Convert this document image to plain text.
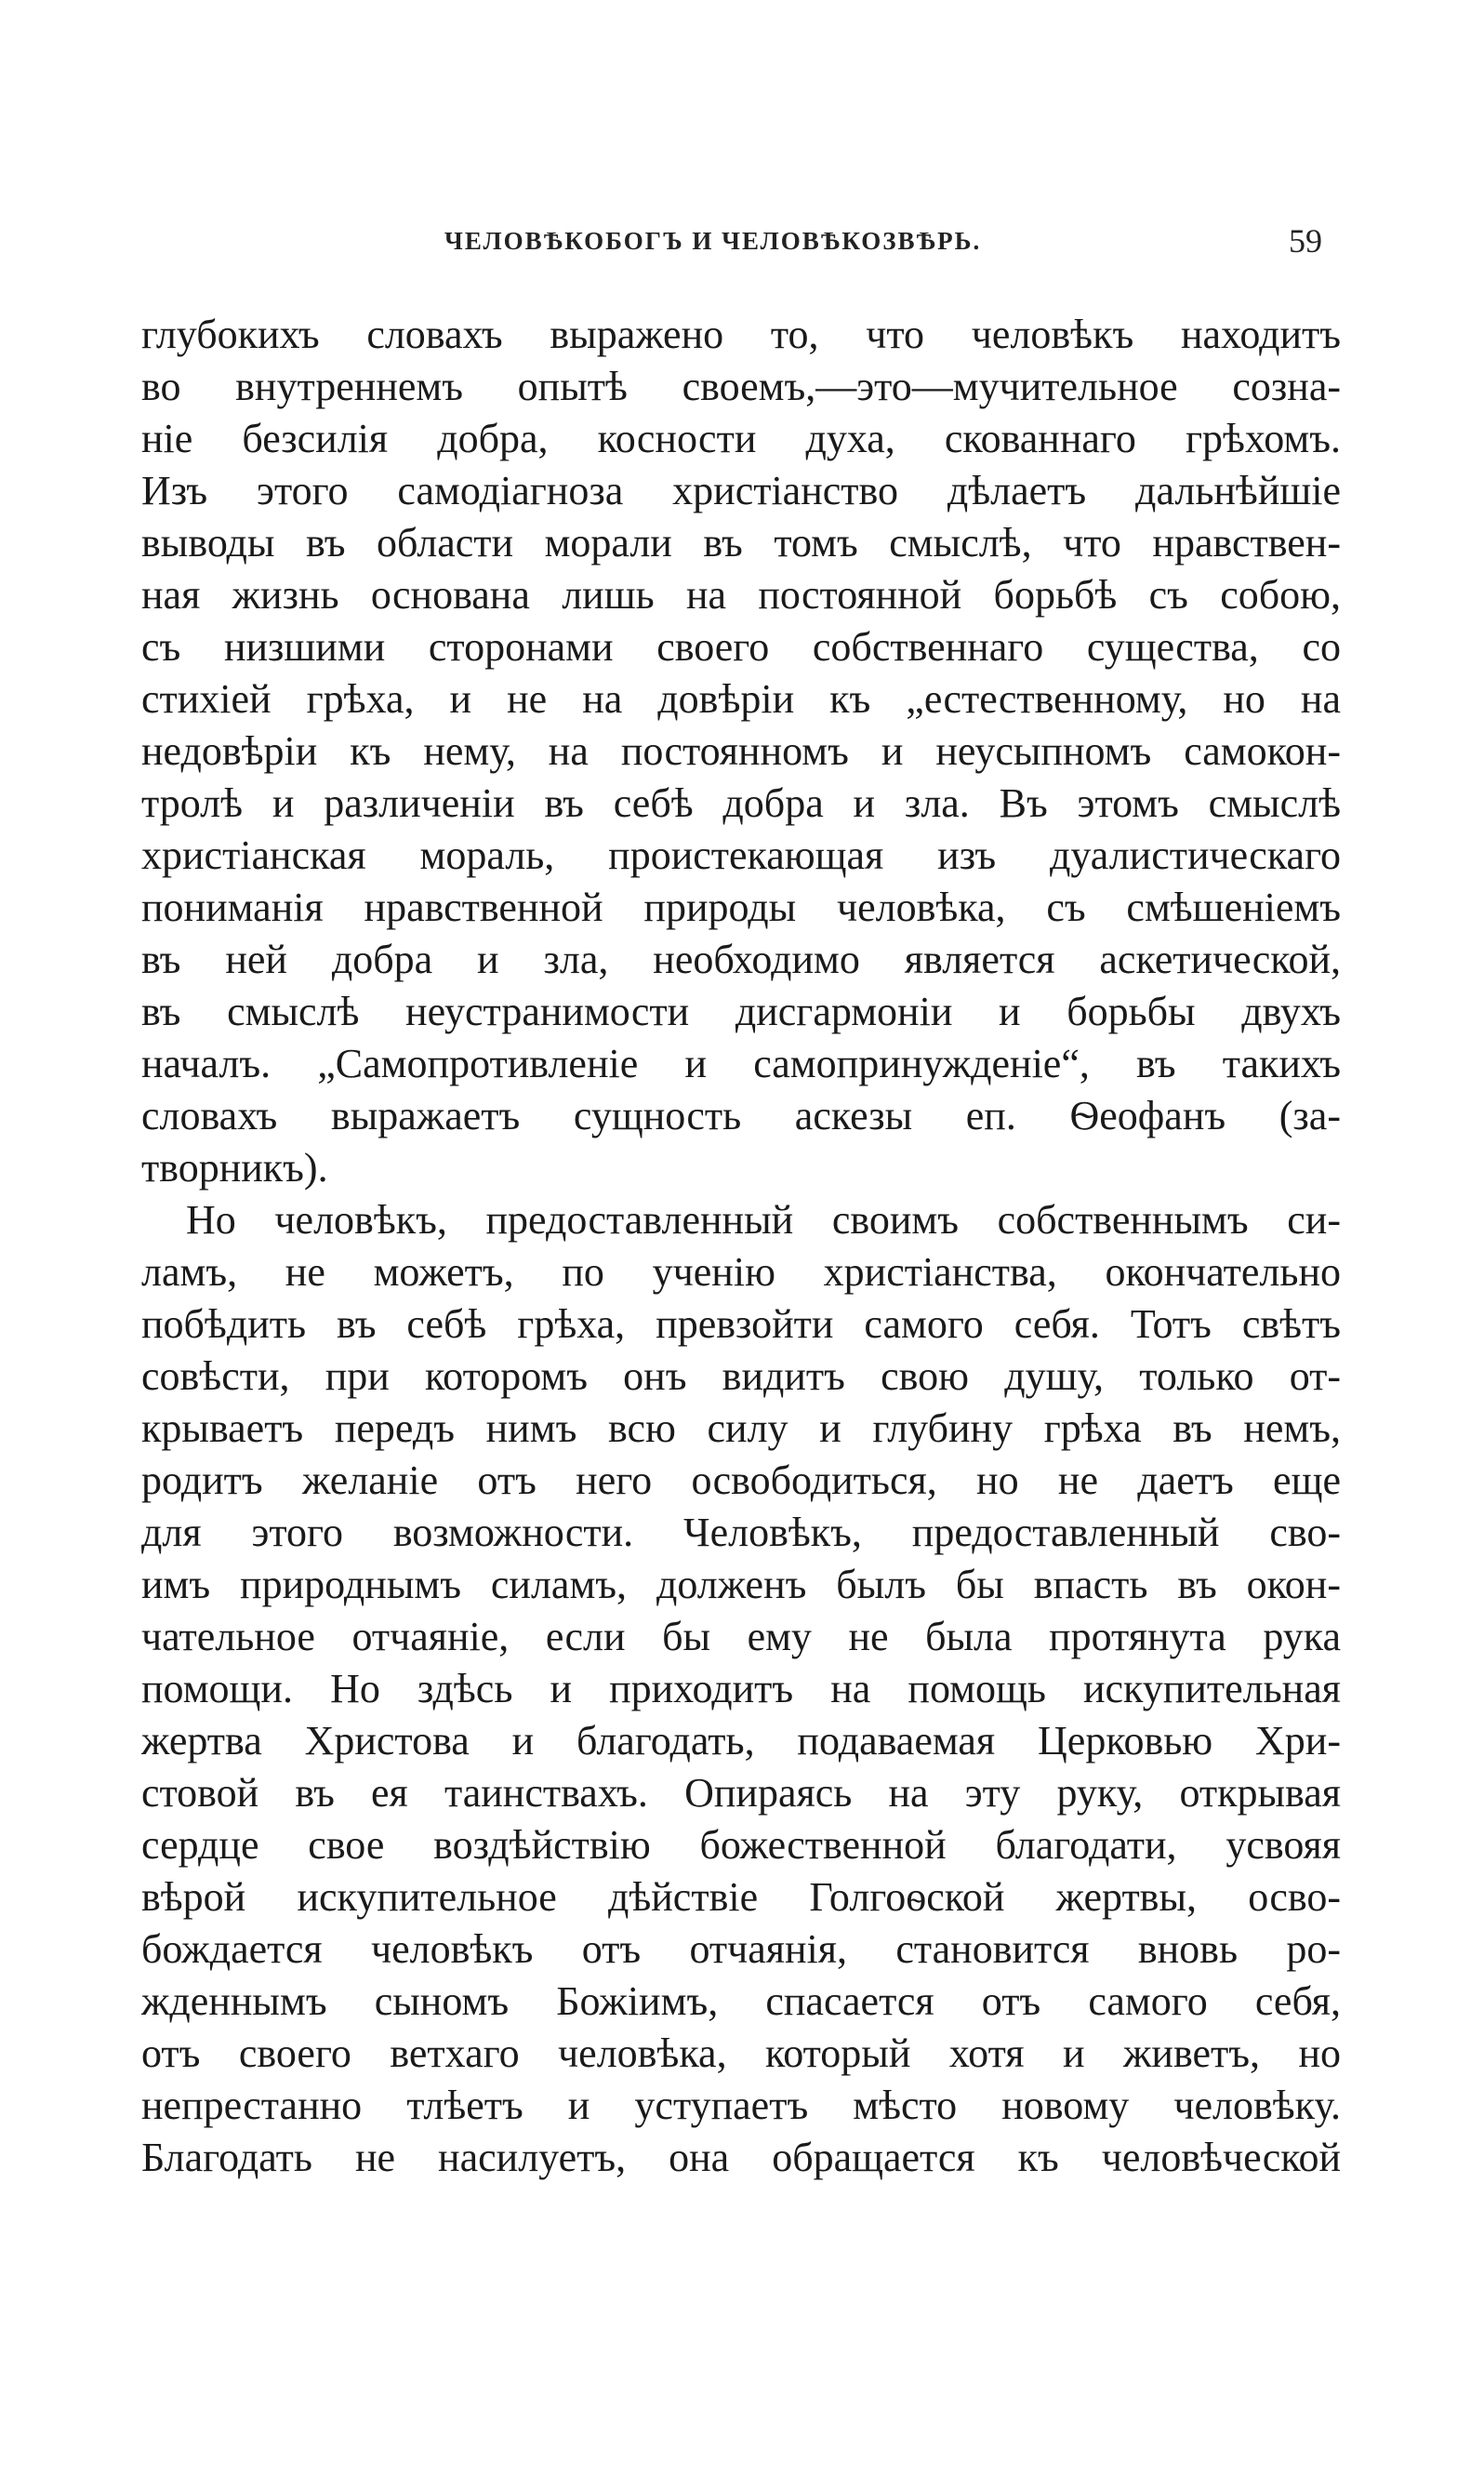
ЧЕЛОВѢКОБОГЪ И ЧЕЛОВѢКОЗВѢРЬ.	59
глубокихъ словахъ выражено то, что человѣкъ находитъ
во внутреннемъ опытѣ своемъ,—это—мучительное созна-
ніе безсилія добра, косности духа, скованнаго грѣхомъ.
Изъ этого самодіагноза христіанство дѣлаетъ дальнѣйшіе
выводы въ области морали въ томъ смыслѣ, что нравствен-
ная жизнь основана лишь на постоянной борьбѣ съ собою,
съ низшими сторонами своего собственнаго существа, со
стихіей грѣха, и не на довѣріи къ „естественному, но на
недовѣріи къ нему, на постоянномъ и неусыпномъ самокон-
тролѣ и различеніи въ себѣ добра и зла. Въ этомъ смыслѣ
христіанская мораль, проистекающая изъ дуалистическаго
пониманія нравственной природы человѣка, съ смѣшеніемъ
въ ней добра и зла, необходимо является аскетической,
въ смыслѣ неустранимости дисгармоніи и борьбы двухъ
началъ. „Самопротивленіе и самопринужденіе“, въ такихъ
словахъ выражаетъ сущность аскезы еп. Ѳеофанъ (за-
творникъ).
Но человѣкъ, предоставленный своимъ собственнымъ си-
ламъ, не можетъ, по ученію христіанства, окончательно
побѣдить въ себѣ грѣха, превзойти самого себя. Тотъ свѣтъ
совѣсти, при которомъ онъ видитъ свою душу, только от-
крываетъ передъ нимъ всю силу и глубину грѣха въ немъ,
родитъ желаніе отъ него освободиться, но не даетъ еще
для этого возможности. Человѣкъ, предоставленный сво-
имъ природнымъ силамъ, долженъ былъ бы впасть въ окон-
чательное отчаяніе, если бы ему не была протянута рука
помощи. Но здѣсь и приходитъ на помощь искупительная
жертва Христова и благодать, подаваемая Церковью Хри-
стовой въ ея таинствахъ. Опираясь на эту руку, открывая
сердце свое воздѣйствію божественной благодати, усвояя
вѣрой искупительное дѣйствіе Голгоѳской жертвы, осво-
бождается человѣкъ отъ отчаянія, становится вновь ро-
жденнымъ сыномъ Божіимъ, спасается отъ самого себя,
отъ своего ветхаго человѣка, который хотя и живетъ, но
непрестанно тлѣетъ и уступаетъ мѣсто новому человѣку.
Благодать не насилуетъ, она обращается къ человѣческой
